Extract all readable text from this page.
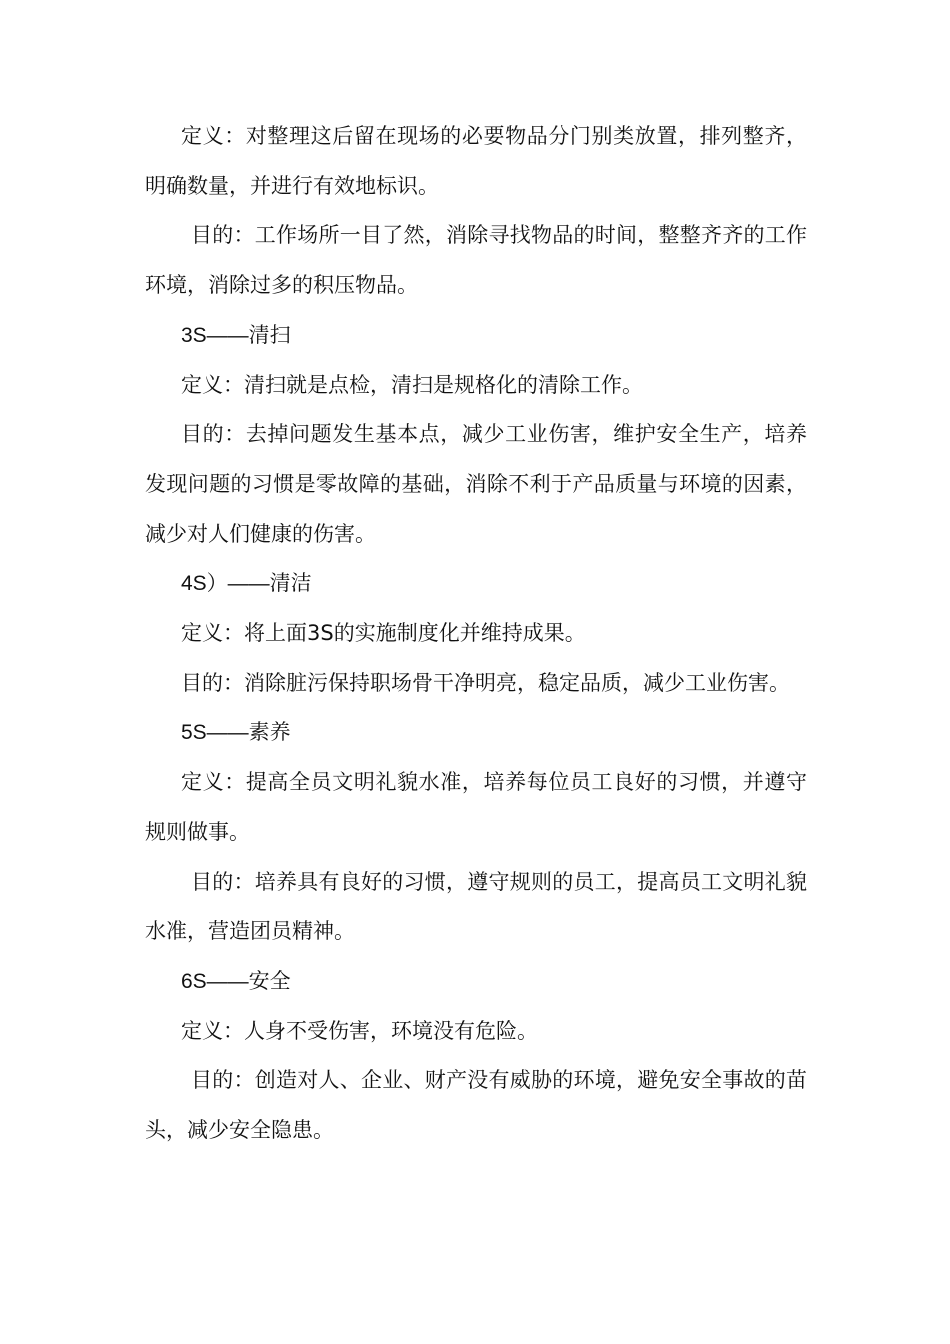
定义：对整理这后留在现场的必要物品分门别类放置，排列整齐，明确数量，并进行有效地标识。

目的：工作场所一目了然，消除寻找物品的时间，整整齐齐的工作环境，消除过多的积压物品。

3S——清扫

定义：清扫就是点检，清扫是规格化的清除工作。

目的：去掉问题发生基本点，减少工业伤害，维护安全生产，培养发现问题的习惯是零故障的基础，消除不利于产品质量与环境的因素，减少对人们健康的伤害。

4S）——清洁

定义：将上面3S的实施制度化并维持成果。

目的：消除脏污保持职场骨干净明亮，稳定品质，减少工业伤害。

5S——素养

定义：提高全员文明礼貌水准，培养每位员工良好的习惯，并遵守规则做事。

目的：培养具有良好的习惯，遵守规则的员工，提高员工文明礼貌水准，营造团员精神。

6S——安全

定义：人身不受伤害，环境没有危险。

目的：创造对人、企业、财产没有威胁的环境，避免安全事故的苗头，减少安全隐患。
